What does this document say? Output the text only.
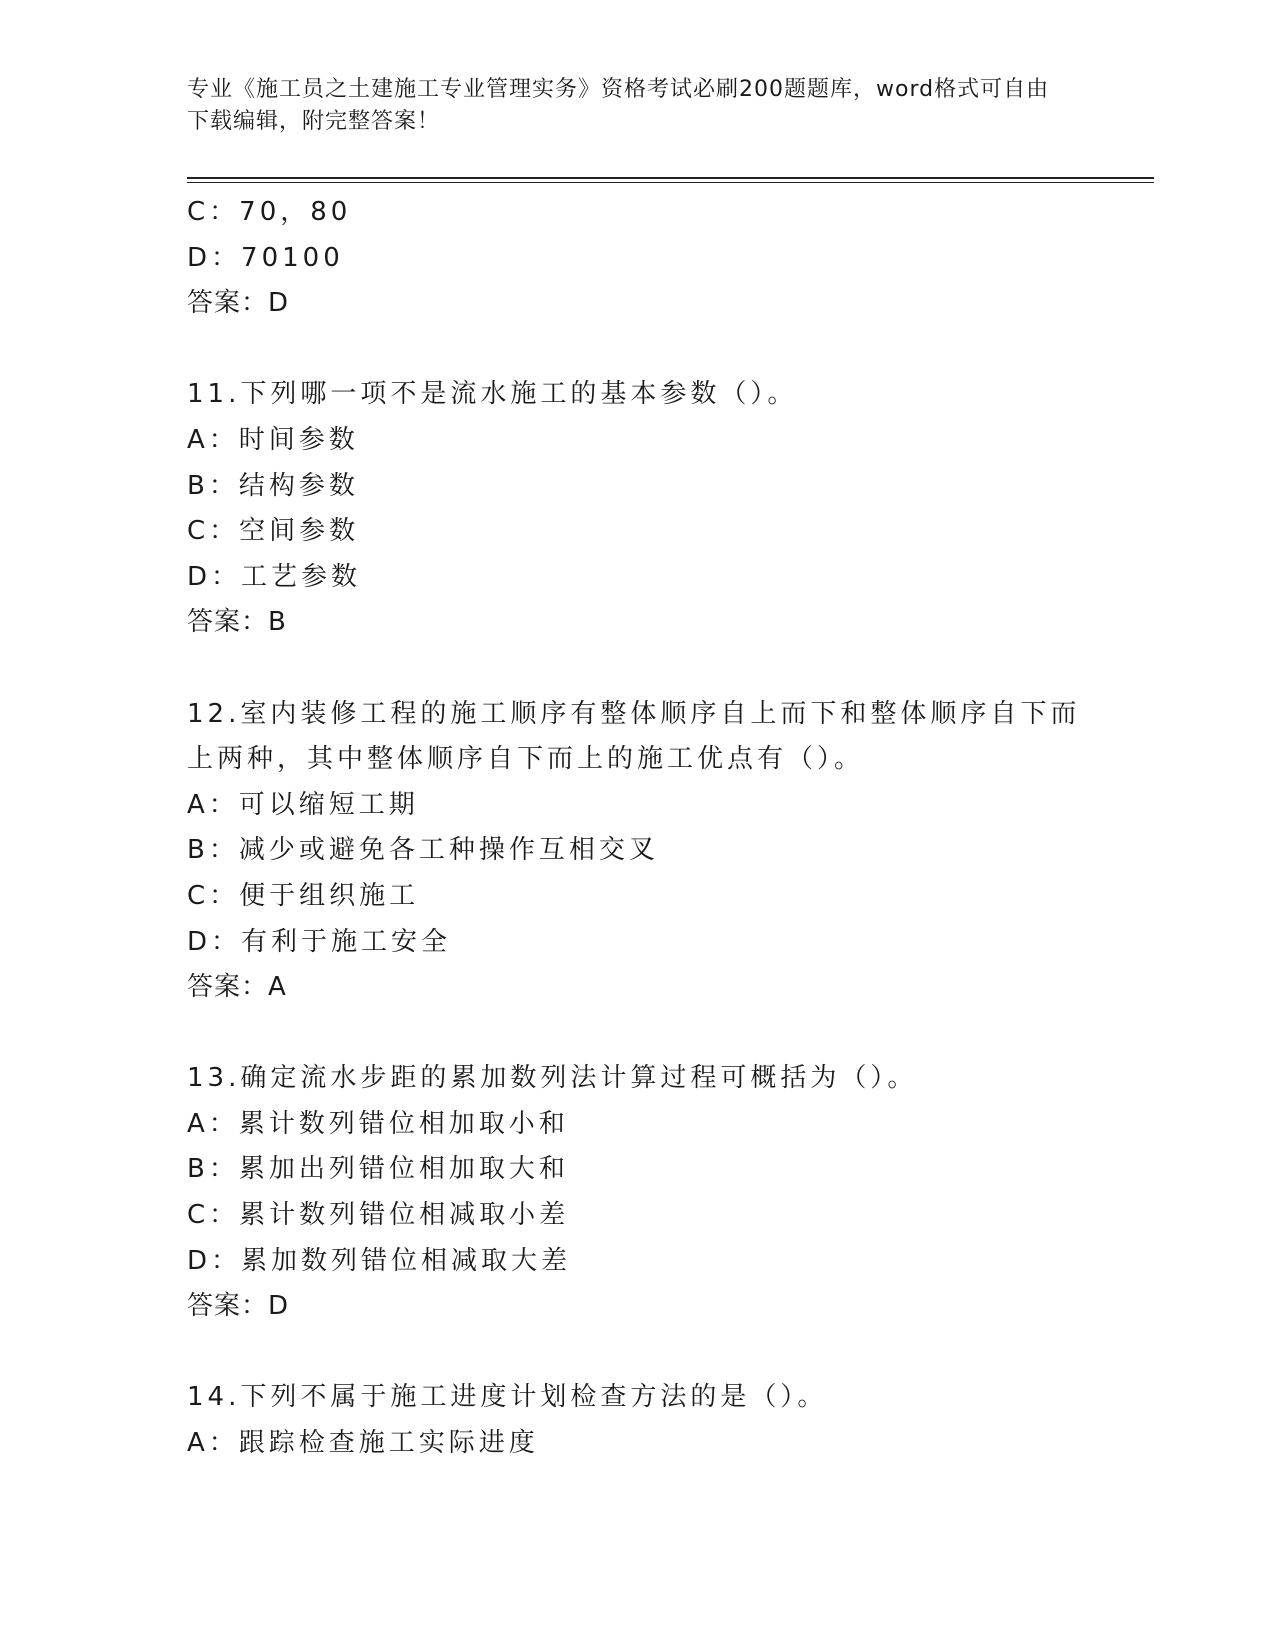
专业《施工员之土建施工专业管理实务》资格考试必刷200题题库，word格式可自由下载编辑，附完整答案！
C：70，80
D：70100
答案：D
11.下列哪一项不是流水施工的基本参数（）。
A：时间参数
B：结构参数
C：空间参数
D：工艺参数
答案：B
12.室内装修工程的施工顺序有整体顺序自上而下和整体顺序自下而上两种，其中整体顺序自下而上的施工优点有（）。
A：可以缩短工期
B：减少或避免各工种操作互相交叉
C：便于组织施工
D：有利于施工安全
答案：A
13.确定流水步距的累加数列法计算过程可概括为（）。
A：累计数列错位相加取小和
B：累加出列错位相加取大和
C：累计数列错位相减取小差
D：累加数列错位相减取大差
答案：D
14.下列不属于施工进度计划检查方法的是（）。
A：跟踪检查施工实际进度
